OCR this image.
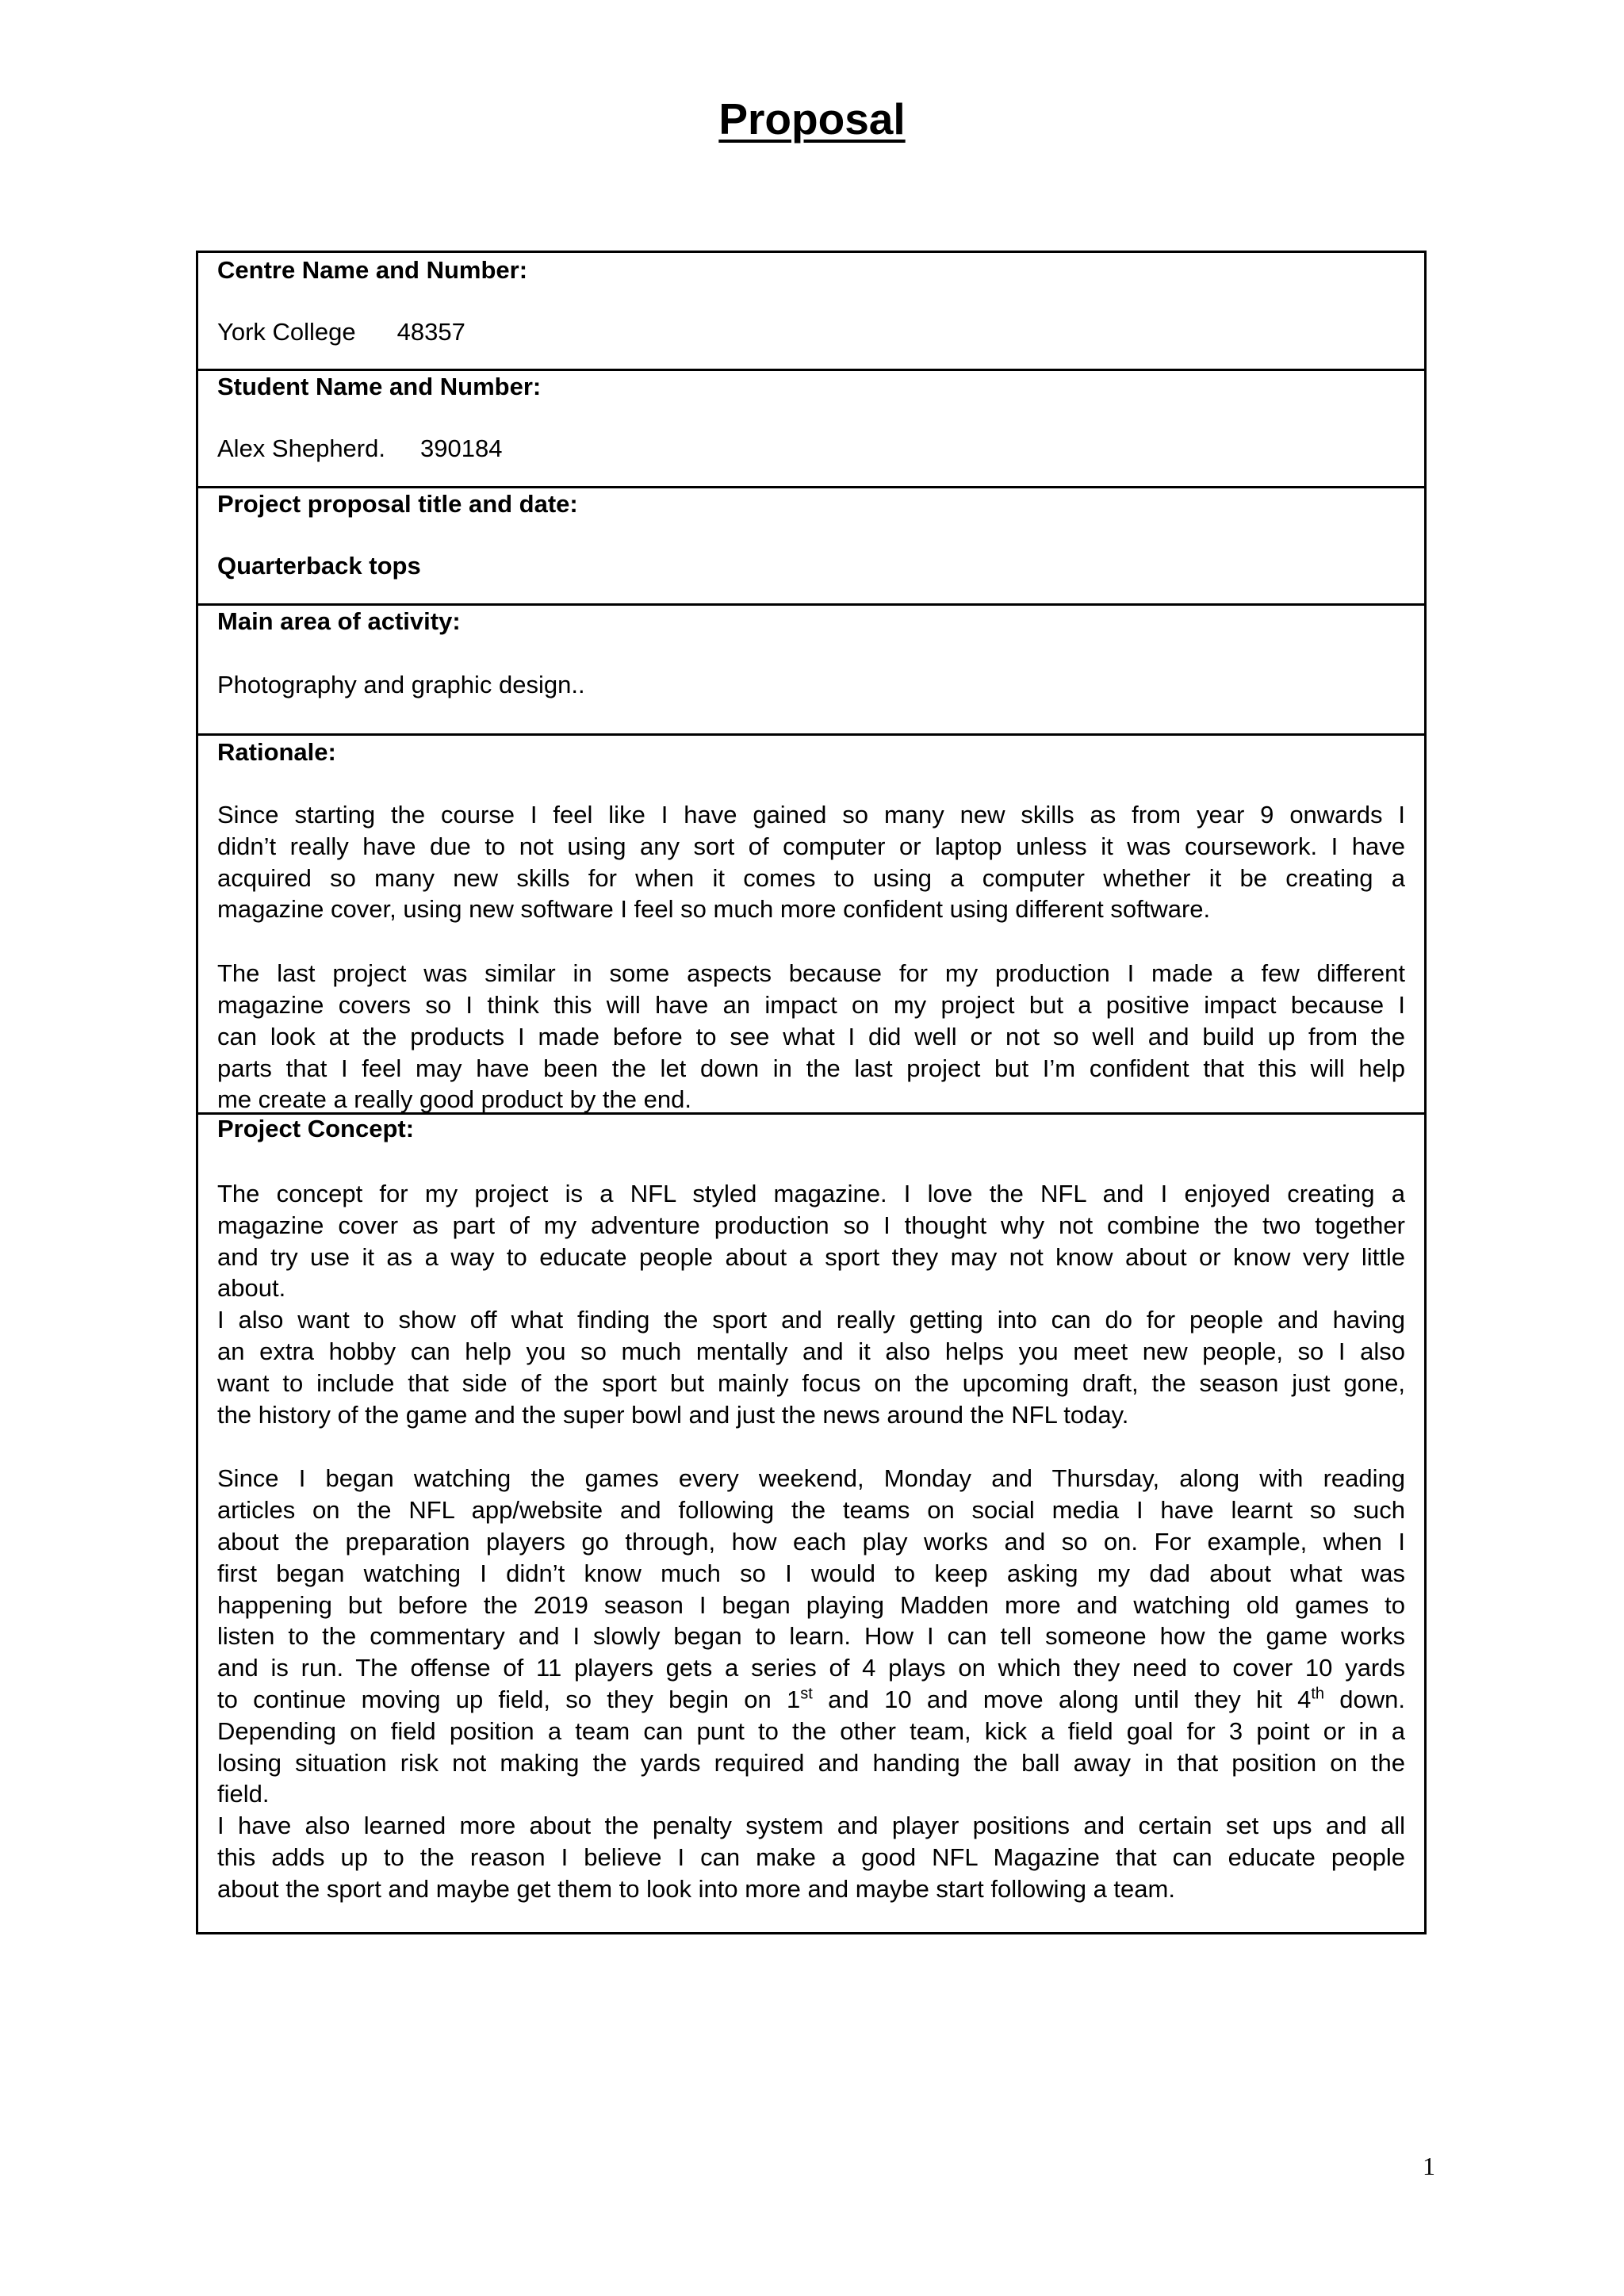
Proposal

Centre Name and Number:

York College 48357

Student Name and Number:

Alex Shepherd. 390184

Project proposal title and date:

Quarterback tops

Main area of activity:

Photography and graphic design..

Rationale:

Since starting the course I feel like I have gained so many new skills as from year 9 onwards I
didn’t really have due to not using any sort of computer or laptop unless it was coursework. I have
acquired so many new skills for when it comes to using a computer whether it be creating a
magazine cover, using new software I feel so much more confident using different software.

The last project was similar in some aspects because for my production I made a few different
magazine covers so I think this will have an impact on my project but a positive impact because I
can look at the products I made before to see what I did well or not so well and build up from the
parts that I feel may have been the let down in the last project but I’m confident that this will help
me create a really good product by the end.

Project Concept:

The concept for my project is a NFL styled magazine. I love the NFL and I enjoyed creating a
magazine cover as part of my adventure production so I thought why not combine the two together
and try use it as a way to educate people about a sport they may not know about or know very little
about.

I also want to show off what finding the sport and really getting into can do for people and having
an extra hobby can help you so much mentally and it also helps you meet new people, so I also
want to include that side of the sport but mainly focus on the upcoming draft, the season just gone,
the history of the game and the super bowl and just the news around the NFL today.

Since I began watching the games every weekend, Monday and Thursday, along with reading
articles on the NFL app/website and following the teams on social media I have learnt so such
about the preparation players go through, how each play works and so on. For example, when I
first began watching I didn’t know much so I would to keep asking my dad about what was
happening but before the 2019 season I began playing Madden more and watching old games to
listen to the commentary and I slowly began to learn. How I can tell someone how the game works
and is run. The offense of 11 players gets a series of 4 plays on which they need to cover 10 yards
to continue moving up field, so they begin on 1st and 10 and move along until they hit 4th down.
Depending on field position a team can punt to the other team, kick a field goal for 3 point or in a
losing situation risk not making the yards required and handing the ball away in that position on the
field.

I have also learned more about the penalty system and player positions and certain set ups and all
this adds up to the reason I believe I can make a good NFL Magazine that can educate people
about the sport and maybe get them to look into more and maybe start following a team.

1
